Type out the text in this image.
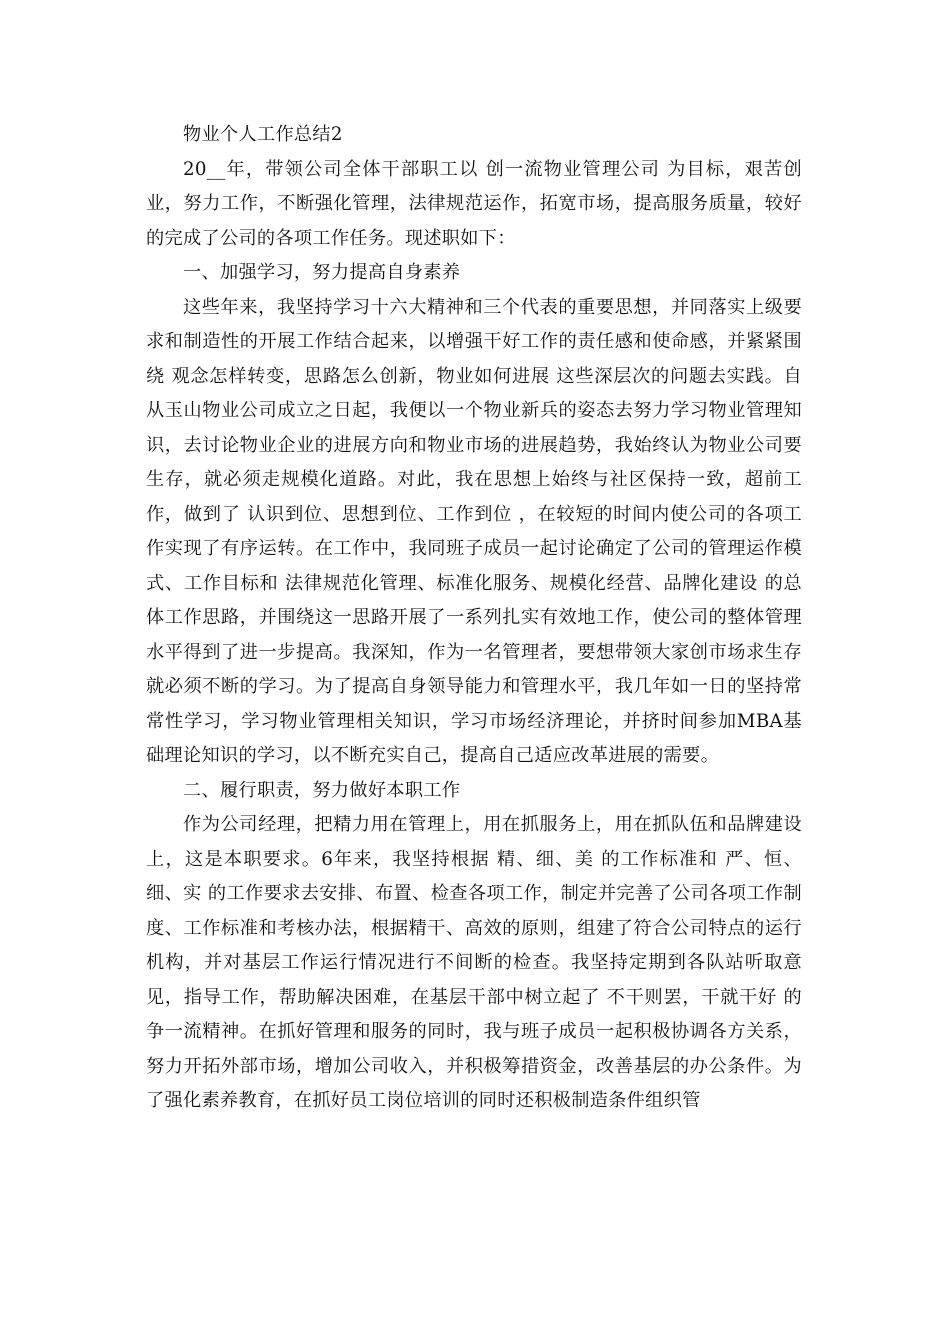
物业个人工作总结2

20__年，带领公司全体干部职工以 创一流物业管理公司 为目标，艰苦创业，努力工作，不断强化管理，法律规范运作，拓宽市场，提高服务质量，较好的完成了公司的各项工作任务。现述职如下：

一、加强学习，努力提高自身素养

这些年来，我坚持学习十六大精神和三个代表的重要思想，并同落实上级要求和制造性的开展工作结合起来，以增强干好工作的责任感和使命感，并紧紧围绕 观念怎样转变，思路怎么创新，物业如何进展 这些深层次的问题去实践。自从玉山物业公司成立之日起，我便以一个物业新兵的姿态去努力学习物业管理知识，去讨论物业企业的进展方向和物业市场的进展趋势，我始终认为物业公司要生存，就必须走规模化道路。对此，我在思想上始终与社区保持一致，超前工作，做到了 认识到位、思想到位、工作到位 ，在较短的时间内使公司的各项工作实现了有序运转。在工作中，我同班子成员一起讨论确定了公司的管理运作模式、工作目标和 法律规范化管理、标准化服务、规模化经营、品牌化建设 的总体工作思路，并围绕这一思路开展了一系列扎实有效地工作，使公司的整体管理水平得到了进一步提高。我深知，作为一名管理者，要想带领大家创市场求生存就必须不断的学习。为了提高自身领导能力和管理水平，我几年如一日的坚持常常性学习，学习物业管理相关知识，学习市场经济理论，并挤时间参加MBA基础理论知识的学习，以不断充实自己，提高自己适应改革进展的需要。

二、履行职责，努力做好本职工作

作为公司经理，把精力用在管理上，用在抓服务上，用在抓队伍和品牌建设上，这是本职要求。6年来，我坚持根据 精、细、美 的工作标准和 严、恒、细、实 的工作要求去安排、布置、检查各项工作，制定并完善了公司各项工作制度、工作标准和考核办法，根据精干、高效的原则，组建了符合公司特点的运行机构，并对基层工作运行情况进行不间断的检查。我坚持定期到各队站听取意见，指导工作，帮助解决困难，在基层干部中树立起了 不干则罢，干就干好 的争一流精神。在抓好管理和服务的同时，我与班子成员一起积极协调各方关系，努力开拓外部市场，增加公司收入，并积极筹措资金，改善基层的办公条件。为了强化素养教育，在抓好员工岗位培训的同时还积极制造条件组织管
